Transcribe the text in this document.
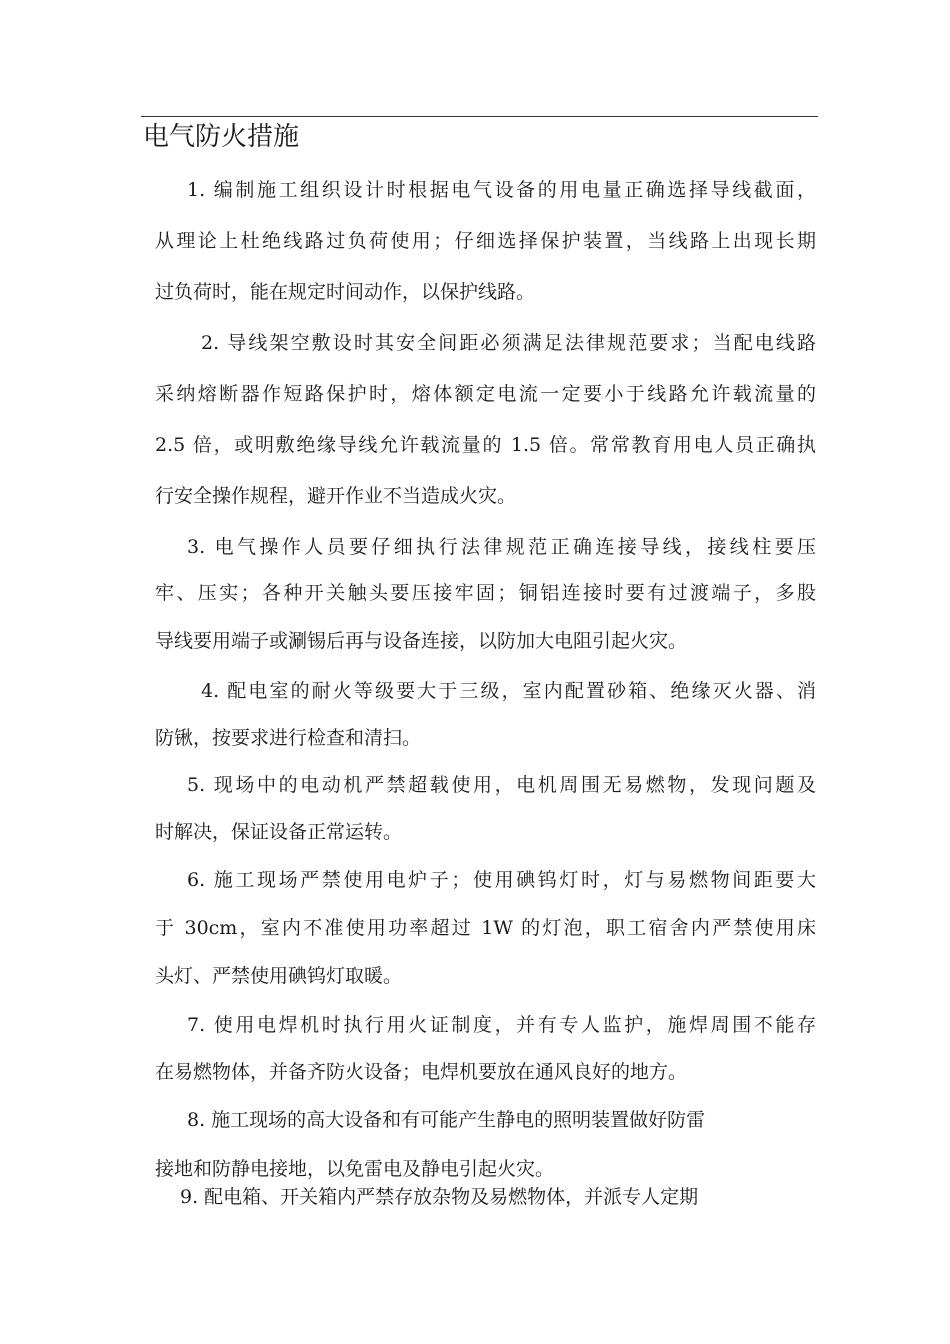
电气防火措施
1. 编制施工组织设计时根据电气设备的用电量正确选择导线截面，
从理论上杜绝线路过负荷使用；仔细选择保护装置，当线路上出现长期
过负荷时，能在规定时间动作，以保护线路。
2. 导线架空敷设时其安全间距必须满足法律规范要求；当配电线路
采纳熔断器作短路保护时，熔体额定电流一定要小于线路允许载流量的
2.5 倍，或明敷绝缘导线允许载流量的 1.5 倍。常常教育用电人员正确执
行安全操作规程，避开作业不当造成火灾。
3. 电气操作人员要仔细执行法律规范正确连接导线，接线柱要压
牢、压实；各种开关触头要压接牢固；铜铝连接时要有过渡端子，多股
导线要用端子或涮锡后再与设备连接，以防加大电阻引起火灾。
4. 配电室的耐火等级要大于三级，室内配置砂箱、绝缘灭火器、消
防锹，按要求进行检查和清扫。
5. 现场中的电动机严禁超载使用，电机周围无易燃物，发现问题及
时解决，保证设备正常运转。
6. 施工现场严禁使用电炉子；使用碘钨灯时，灯与易燃物间距要大
于 30cm，室内不准使用功率超过 1W 的灯泡，职工宿舍内严禁使用床
头灯、严禁使用碘钨灯取暖。
7. 使用电焊机时执行用火证制度，并有专人监护，施焊周围不能存
在易燃物体，并备齐防火设备；电焊机要放在通风良好的地方。
8. 施工现场的高大设备和有可能产生静电的照明装置做好防雷
接地和防静电接地，以免雷电及静电引起火灾。
9. 配电箱、开关箱内严禁存放杂物及易燃物体，并派专人定期
